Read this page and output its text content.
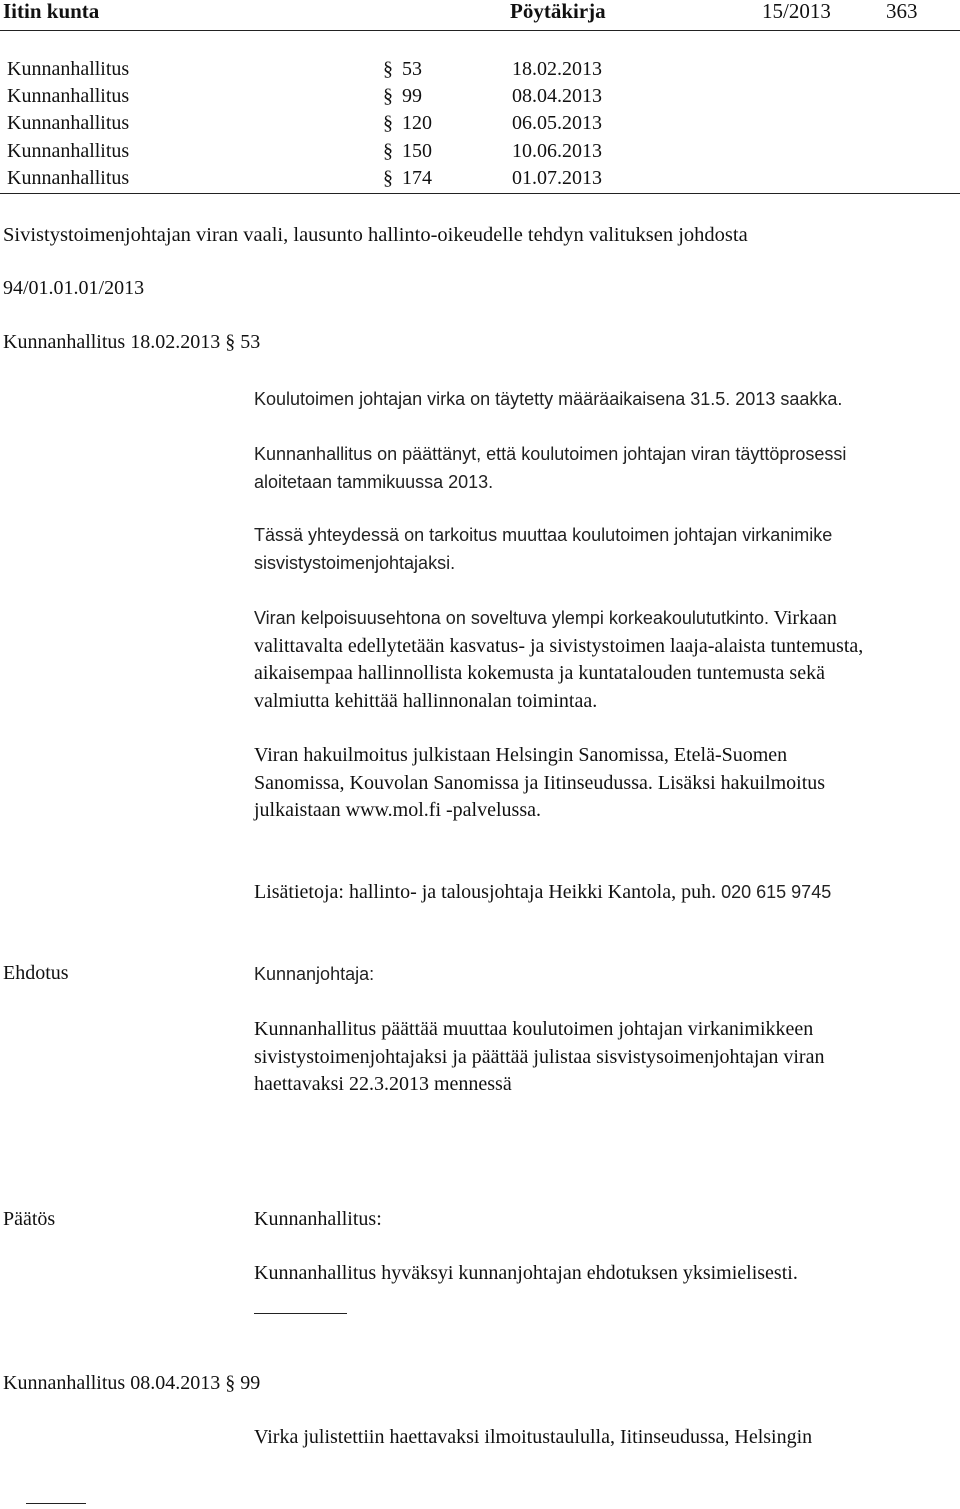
Iitin kunta	Pöytäkirja	15/2013	363
Kunnanhallitus	§ 53	18.02.2013
Kunnanhallitus	§ 99	08.04.2013
Kunnanhallitus	§ 120	06.05.2013
Kunnanhallitus	§ 150	10.06.2013
Kunnanhallitus	§ 174	01.07.2013
Sivistystoimenjohtajan viran vaali, lausunto hallinto-oikeudelle tehdyn valituksen johdosta
94/01.01.01/2013
Kunnanhallitus 18.02.2013 § 53
Koulutoimen johtajan virka on täytetty määräaikaisena 31.5. 2013 saakka.
Kunnanhallitus on päättänyt, että koulutoimen johtajan viran täyttöprosessi
aloitetaan tammikuussa 2013.
Tässä yhteydessä on tarkoitus muuttaa koulutoimen johtajan virkanimike
sisvistystoimenjohtajaksi.
Viran kelpoisuusehtona on soveltuva ylempi korkeakoulututkinto. Virkaan
valittavalta edellytetään kasvatus- ja sivistystoimen laaja-alaista tuntemusta,
aikaisempaa hallinnollista kokemusta ja kuntatalouden tuntemusta sekä
valmiutta kehittää hallinnonalan toimintaa.
Viran hakuilmoitus julkistaan Helsingin Sanomissa, Etelä-Suomen
Sanomissa, Kouvolan Sanomissa ja Iitinseudussa. Lisäksi hakuilmoitus
julkaistaan www.mol.fi -palvelussa.
Lisätietoja: hallinto- ja talousjohtaja Heikki Kantola, puh. 020 615 9745
Ehdotus	Kunnanjohtaja:
Kunnanhallitus päättää muuttaa koulutoimen johtajan virkanimikkeen
sivistystoimenjohtajaksi ja päättää julistaa sisvistysoimenjohtajan viran
haettavaksi 22.3.2013 mennessä
Päätös	Kunnanhallitus:
Kunnanhallitus hyväksyi kunnanjohtajan ehdotuksen yksimielisesti.
Kunnanhallitus 08.04.2013 § 99
Virka julistettiin haettavaksi ilmoitustaululla, Iitinseudussa, Helsingin
